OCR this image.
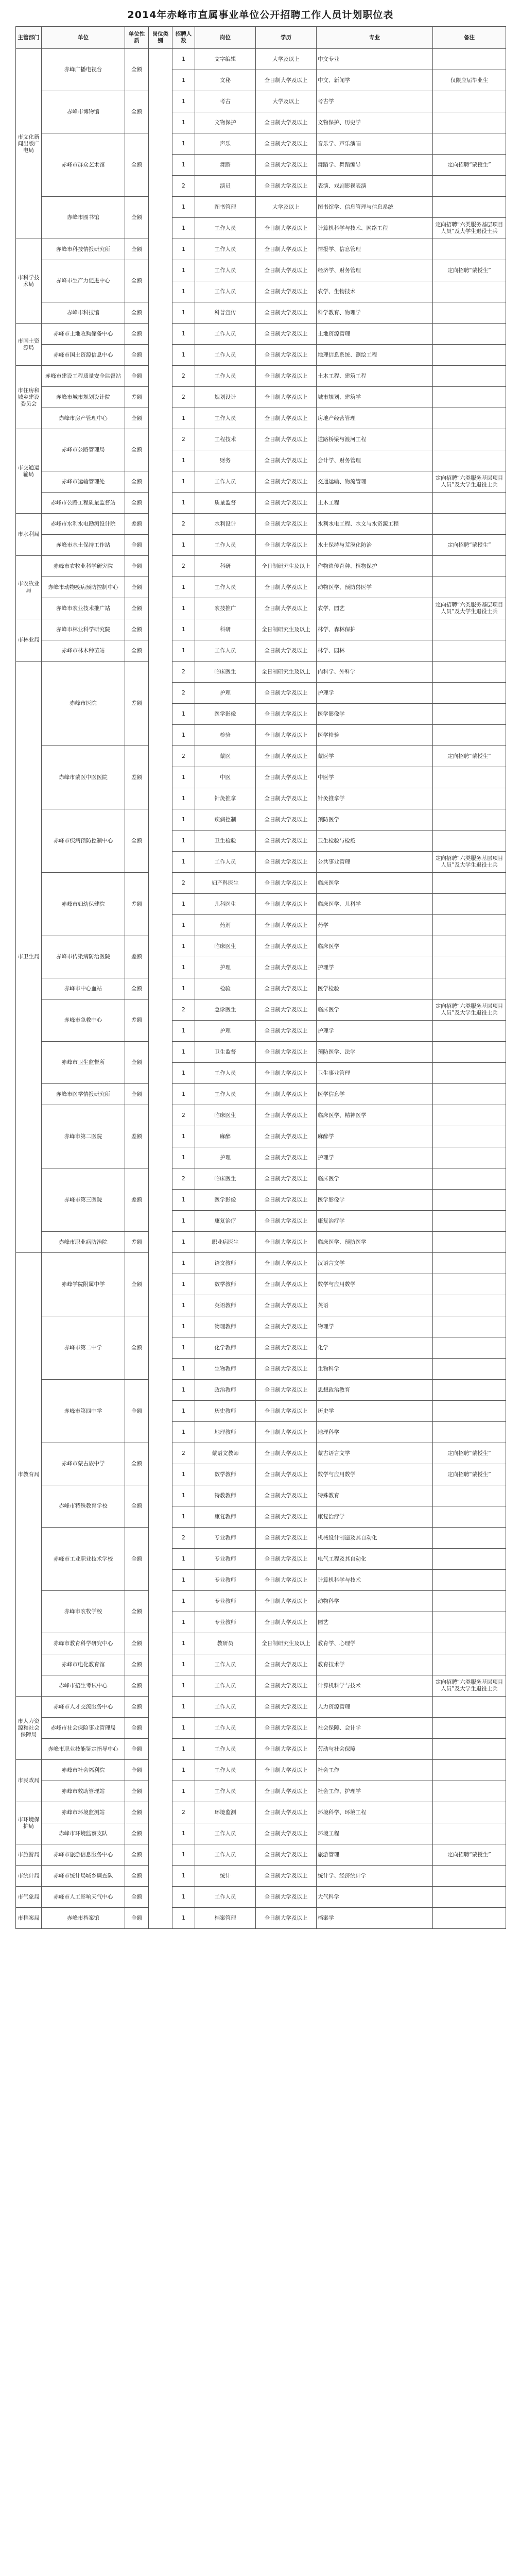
2014年赤峰市直属事业单位公开招聘工作人员计划职位表
主管部门	单位	单位性质	岗位类别	招聘人数	岗位	学历	专业	备注
市文化新闻出版广电局	赤峰广播电视台	全额		1	文字编辑	大学及以上	中文专业	
				1	文秘	全日制大学及以上	中文、新闻学	仅限应届毕业生
	赤峰市博物馆	全额		1	考古	大学及以上	考古学	
				1	文物保护	全日制大学及以上	文物保护、历史学	
	赤峰市群众艺术馆	全额		1	声乐	全日制大学及以上	音乐学、声乐演唱	
				1	舞蹈	全日制大学及以上	舞蹈学、舞蹈编导	定向招聘“蒙授生”
				2	演员	全日制大学及以上	表演、戏剧影视表演	
	赤峰市图书馆	全额		1	图书管理	大学及以上	图书馆学、信息管理与信息系统	
				1	工作人员	全日制大学及以上	计算机科学与技术、网络工程	定向招聘“六类服务基层项目人员”及大学生退役士兵
市科学技术局	赤峰市科技情报研究所	全额		1	工作人员	全日制大学及以上	情报学、信息管理	
	赤峰市生产力促进中心	全额		1	工作人员	全日制大学及以上	经济学、财务管理	定向招聘“蒙授生”
				1	工作人员	全日制大学及以上	农学、生物技术	
	赤峰市科技馆	全额		1	科普宣传	全日制大学及以上	科学教育、物理学	
市国土资源局	赤峰市土地收购储备中心	全额		1	工作人员	全日制大学及以上	土地资源管理	
	赤峰市国土资源信息中心	全额		1	工作人员	全日制大学及以上	地理信息系统、测绘工程	
市住房和城乡建设委员会	赤峰市建设工程质量安全监督站	全额		2	工作人员	全日制大学及以上	土木工程、建筑工程	
	赤峰市城市规划设计院	差额		2	规划设计	全日制大学及以上	城市规划、建筑学	
	赤峰市房产管理中心	全额		1	工作人员	全日制大学及以上	房地产经营管理	
市交通运输局	赤峰市公路管理局	全额		2	工程技术	全日制大学及以上	道路桥梁与渡河工程	
				1	财务	全日制大学及以上	会计学、财务管理	
	赤峰市运输管理处	全额		1	工作人员	全日制大学及以上	交通运输、物流管理	定向招聘“六类服务基层项目人员”及大学生退役士兵
	赤峰市公路工程质量监督站	全额		1	质量监督	全日制大学及以上	土木工程	
市水利局	赤峰市水利水电勘测设计院	差额		2	水利设计	全日制大学及以上	水利水电工程、水文与水资源工程	
	赤峰市水土保持工作站	全额		1	工作人员	全日制大学及以上	水土保持与荒漠化防治	定向招聘“蒙授生”
市农牧业局	赤峰市农牧业科学研究院	全额		2	科研	全日制研究生及以上	作物遗传育种、植物保护	
	赤峰市动物疫病预防控制中心	全额		1	工作人员	全日制大学及以上	动物医学、预防兽医学	
	赤峰市农业技术推广站	全额		1	农技推广	全日制大学及以上	农学、园艺	定向招聘“六类服务基层项目人员”及大学生退役士兵
市林业局	赤峰市林业科学研究院	全额		1	科研	全日制研究生及以上	林学、森林保护	
	赤峰市林木种苗站	全额		1	工作人员	全日制大学及以上	林学、园林	
市卫生局	赤峰市医院	差额		2	临床医生	全日制研究生及以上	内科学、外科学	
				2	护理	全日制大学及以上	护理学	
				1	医学影像	全日制大学及以上	医学影像学	
				1	检验	全日制大学及以上	医学检验	
	赤峰市蒙医中医医院	差额		2	蒙医	全日制大学及以上	蒙医学	定向招聘“蒙授生”
				1	中医	全日制大学及以上	中医学	
				1	针灸推拿	全日制大学及以上	针灸推拿学	
	赤峰市疾病预防控制中心	全额		1	疾病控制	全日制大学及以上	预防医学	
				1	卫生检验	全日制大学及以上	卫生检验与检疫	
				1	工作人员	全日制大学及以上	公共事业管理	定向招聘“六类服务基层项目人员”及大学生退役士兵
	赤峰市妇幼保健院	差额		2	妇产科医生	全日制大学及以上	临床医学	
				1	儿科医生	全日制大学及以上	临床医学、儿科学	
				1	药剂	全日制大学及以上	药学	
	赤峰市传染病防治医院	差额		1	临床医生	全日制大学及以上	临床医学	
				1	护理	全日制大学及以上	护理学	
	赤峰市中心血站	全额		1	检验	全日制大学及以上	医学检验	
	赤峰市急救中心	差额		2	急诊医生	全日制大学及以上	临床医学	定向招聘“六类服务基层项目人员”及大学生退役士兵
				1	护理	全日制大学及以上	护理学	
	赤峰市卫生监督所	全额		1	卫生监督	全日制大学及以上	预防医学、法学	
				1	工作人员	全日制大学及以上	卫生事业管理	
	赤峰市医学情报研究所	全额		1	工作人员	全日制大学及以上	医学信息学	
	赤峰市第二医院	差额		2	临床医生	全日制大学及以上	临床医学、精神医学	
				1	麻醉	全日制大学及以上	麻醉学	
				1	护理	全日制大学及以上	护理学	
	赤峰市第三医院	差额		2	临床医生	全日制大学及以上	临床医学	
				1	医学影像	全日制大学及以上	医学影像学	
				1	康复治疗	全日制大学及以上	康复治疗学	
	赤峰市职业病防治院	差额		1	职业病医生	全日制大学及以上	临床医学、预防医学	
市教育局	赤峰学院附属中学	全额		1	语文教师	全日制大学及以上	汉语言文学	
				1	数学教师	全日制大学及以上	数学与应用数学	
				1	英语教师	全日制大学及以上	英语	
	赤峰市第二中学	全额		1	物理教师	全日制大学及以上	物理学	
				1	化学教师	全日制大学及以上	化学	
				1	生物教师	全日制大学及以上	生物科学	
	赤峰市第四中学	全额		1	政治教师	全日制大学及以上	思想政治教育	
				1	历史教师	全日制大学及以上	历史学	
				1	地理教师	全日制大学及以上	地理科学	
	赤峰市蒙古族中学	全额		2	蒙语文教师	全日制大学及以上	蒙古语言文学	定向招聘“蒙授生”
				1	数学教师	全日制大学及以上	数学与应用数学	定向招聘“蒙授生”
	赤峰市特殊教育学校	全额		1	特教教师	全日制大学及以上	特殊教育	
				1	康复教师	全日制大学及以上	康复治疗学	
	赤峰市工业职业技术学校	全额		2	专业教师	全日制大学及以上	机械设计制造及其自动化	
				1	专业教师	全日制大学及以上	电气工程及其自动化	
				1	专业教师	全日制大学及以上	计算机科学与技术	
	赤峰市农牧学校	全额		1	专业教师	全日制大学及以上	动物科学	
				1	专业教师	全日制大学及以上	园艺	
	赤峰市教育科学研究中心	全额		1	教研员	全日制研究生及以上	教育学、心理学	
	赤峰市电化教育馆	全额		1	工作人员	全日制大学及以上	教育技术学	
	赤峰市招生考试中心	全额		1	工作人员	全日制大学及以上	计算机科学与技术	定向招聘“六类服务基层项目人员”及大学生退役士兵
市人力资源和社会保障局	赤峰市人才交流服务中心	全额		1	工作人员	全日制大学及以上	人力资源管理	
	赤峰市社会保险事业管理局	全额		1	工作人员	全日制大学及以上	社会保障、会计学	
	赤峰市职业技能鉴定指导中心	全额		1	工作人员	全日制大学及以上	劳动与社会保障	
市民政局	赤峰市社会福利院	全额		1	工作人员	全日制大学及以上	社会工作	
	赤峰市救助管理站	全额		1	工作人员	全日制大学及以上	社会工作、护理学	
市环境保护局	赤峰市环境监测站	全额		2	环境监测	全日制大学及以上	环境科学、环境工程	
	赤峰市环境监察支队	全额		1	工作人员	全日制大学及以上	环境工程	
市旅游局	赤峰市旅游信息服务中心	全额		1	工作人员	全日制大学及以上	旅游管理	定向招聘“蒙授生”
市统计局	赤峰市统计局城乡调查队	全额		1	统计	全日制大学及以上	统计学、经济统计学	
市气象局	赤峰市人工影响天气中心	全额		1	工作人员	全日制大学及以上	大气科学	
市档案局	赤峰市档案馆	全额		1	档案管理	全日制大学及以上	档案学	
